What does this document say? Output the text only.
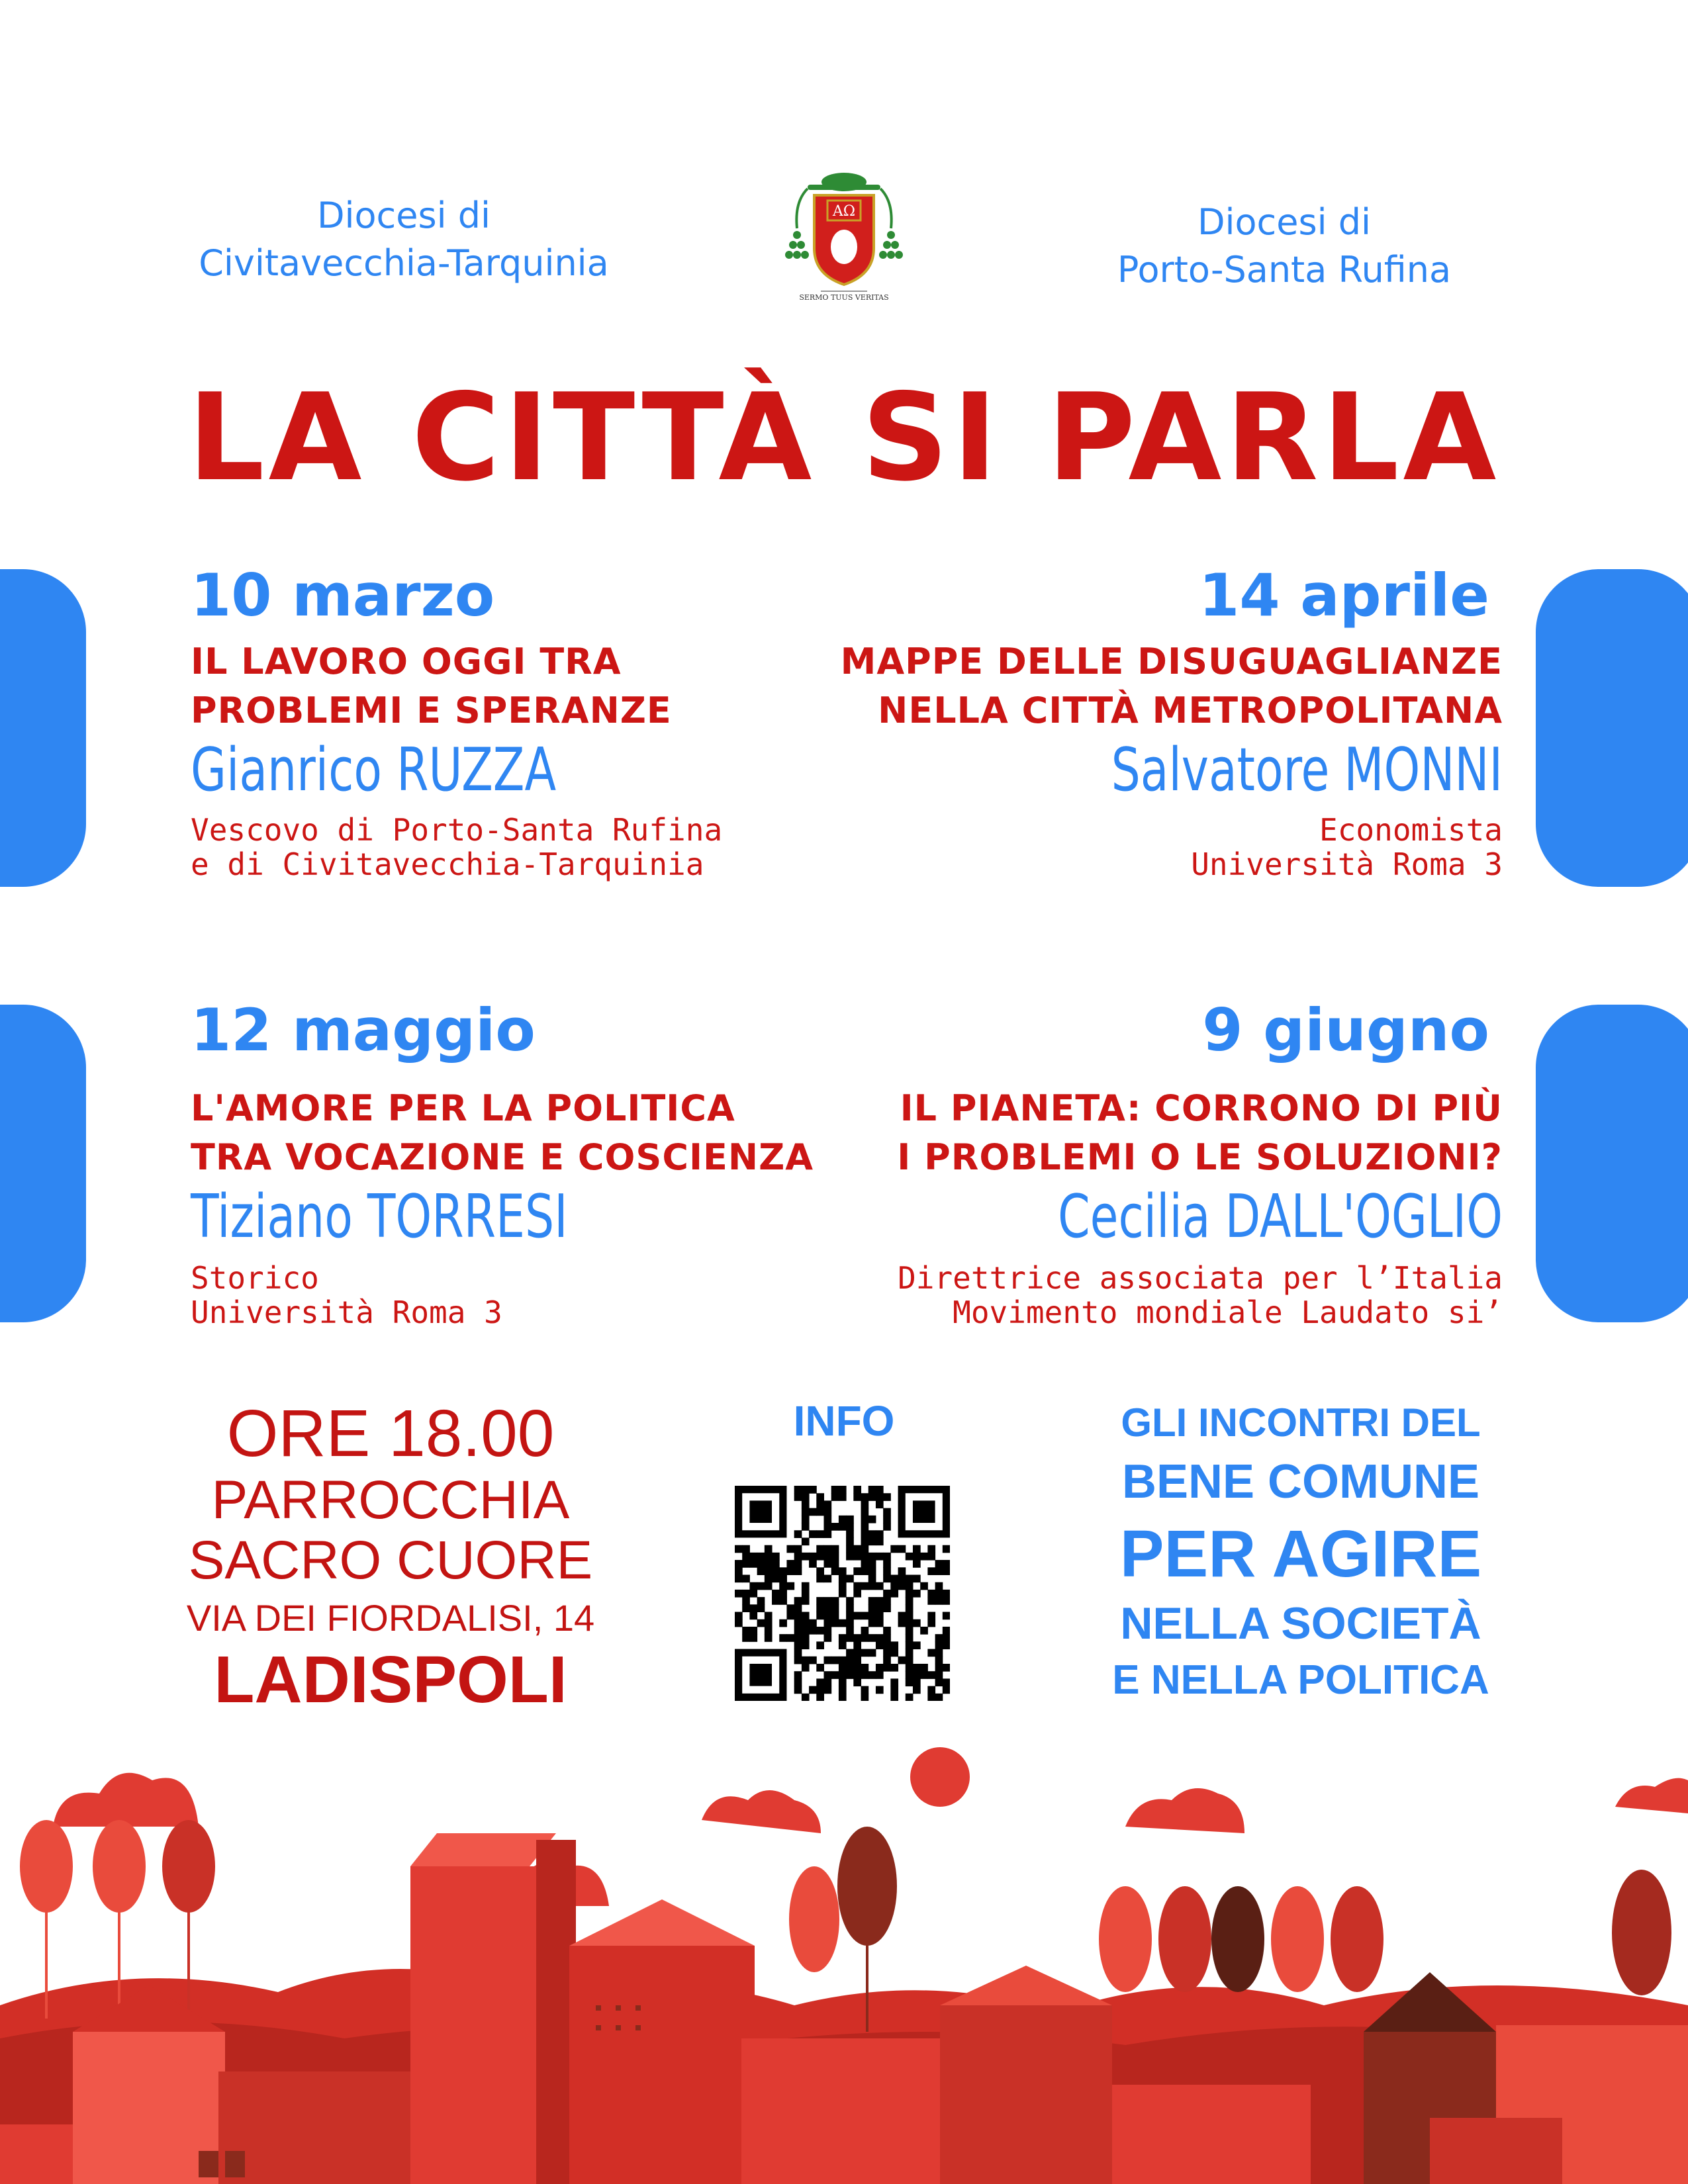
Diocesi di
Civitavecchia-Tarquinia
Diocesi di
Porto-Santa Rufina
AΩ
SERMO TUUS VERITAS
LA CITTÀ SI PARLA
10 marzo
IL LAVORO OGGI TRA
PROBLEMI E SPERANZE
Gianrico RUZZA
Vescovo di Porto-Santa Rufina
e di Civitavecchia-Tarquinia
14 aprile
MAPPE DELLE DISUGUAGLIANZE
NELLA CITTÀ METROPOLITANA
Salvatore MONNI
Economista
Università Roma 3
12 maggio
L'AMORE PER LA POLITICA
TRA VOCAZIONE E COSCIENZA
Tiziano TORRESI
Storico
Università Roma 3
9 giugno
IL PIANETA: CORRONO DI PIÙ
I PROBLEMI O LE SOLUZIONI?
Cecilia DALL'OGLIO
Direttrice associata per l’Italia
Movimento mondiale Laudato si’
ORE 18.00
PARROCCHIA
SACRO CUORE
VIA DEI FIORDALISI, 14
LADISPOLI
INFO	GLI INCONTRI DEL
BENE COMUNE
PER AGIRE
NELLA SOCIETÀ
E NELLA POLITICA
